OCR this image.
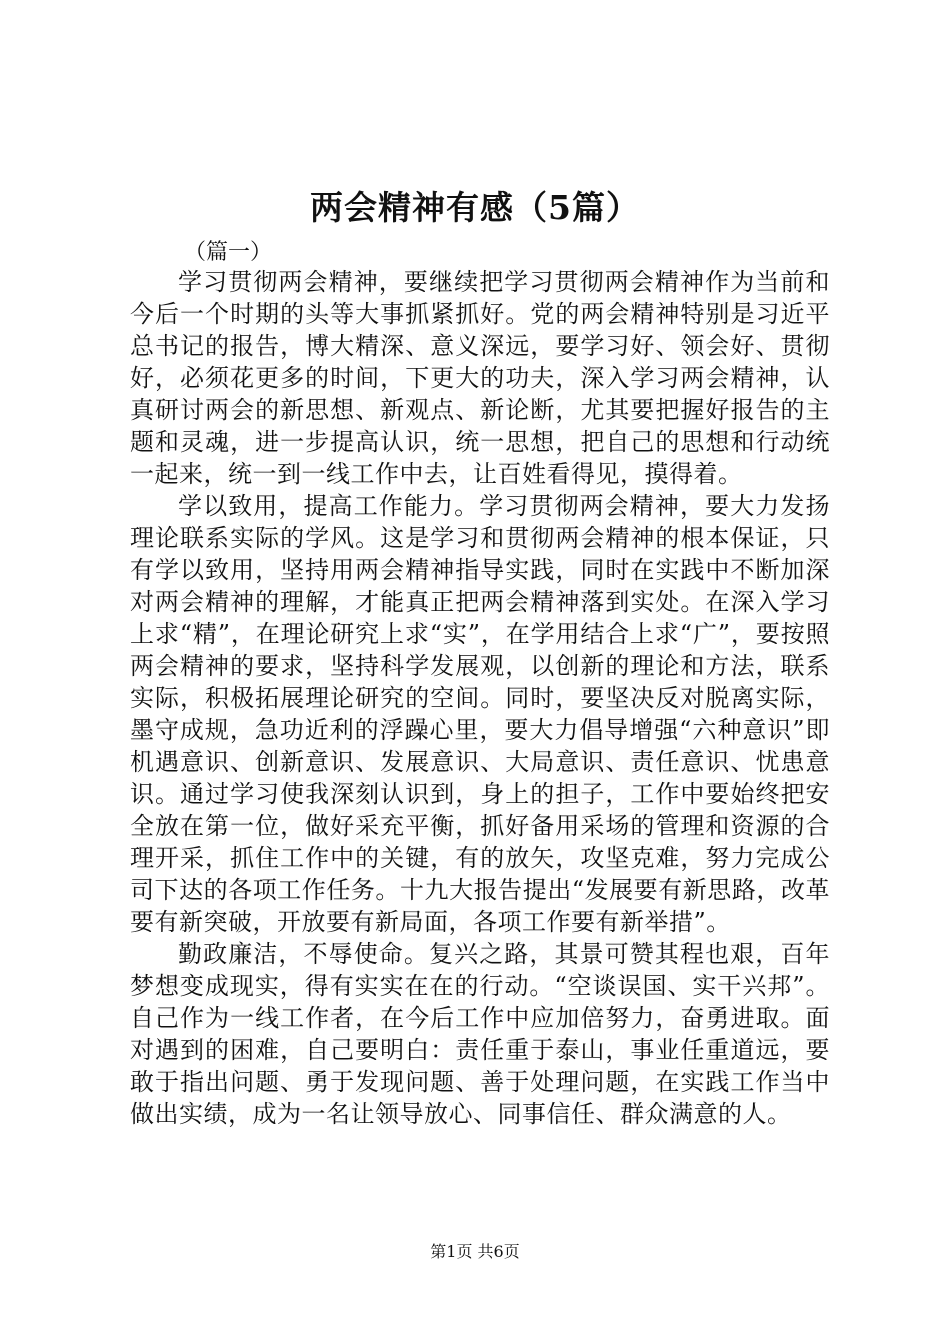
两会精神有感（5篇）
（篇一）

学习贯彻两会精神，要继续把学习贯彻两会精神作为当前和今后一个时期的头等大事抓紧抓好。党的两会精神特别是习近平总书记的报告，博大精深、意义深远，要学习好、领会好、贯彻好，必须花更多的时间，下更大的功夫，深入学习两会精神，认真研讨两会的新思想、新观点、新论断，尤其要把握好报告的主题和灵魂，进一步提高认识，统一思想，把自己的思想和行动统一起来，统一到一线工作中去，让百姓看得见，摸得着。

学以致用，提高工作能力。学习贯彻两会精神，要大力发扬理论联系实际的学风。这是学习和贯彻两会精神的根本保证，只有学以致用，坚持用两会精神指导实践，同时在实践中不断加深对两会精神的理解，才能真正把两会精神落到实处。在深入学习上求“精”，在理论研究上求“实”，在学用结合上求“广”，要按照两会精神的要求，坚持科学发展观，以创新的理论和方法，联系实际，积极拓展理论研究的空间。同时，要坚决反对脱离实际，墨守成规，急功近利的浮躁心里，要大力倡导增强“六种意识”即机遇意识、创新意识、发展意识、大局意识、责任意识、忧患意识。通过学习使我深刻认识到，身上的担子，工作中要始终把安全放在第一位，做好采充平衡，抓好备用采场的管理和资源的合理开采，抓住工作中的关键，有的放矢，攻坚克难，努力完成公司下达的各项工作任务。十九大报告提出“发展要有新思路，改革要有新突破，开放要有新局面，各项工作要有新举措”。

勤政廉洁，不辱使命。复兴之路，其景可赞其程也艰，百年梦想变成现实，得有实实在在的行动。“空谈误国、实干兴邦”。自己作为一线工作者，在今后工作中应加倍努力，奋勇进取。面对遇到的困难，自己要明白：责任重于泰山，事业任重道远，要敢于指出问题、勇于发现问题、善于处理问题，在实践工作当中做出实绩，成为一名让领导放心、同事信任、群众满意的人。

第1页 共6页
